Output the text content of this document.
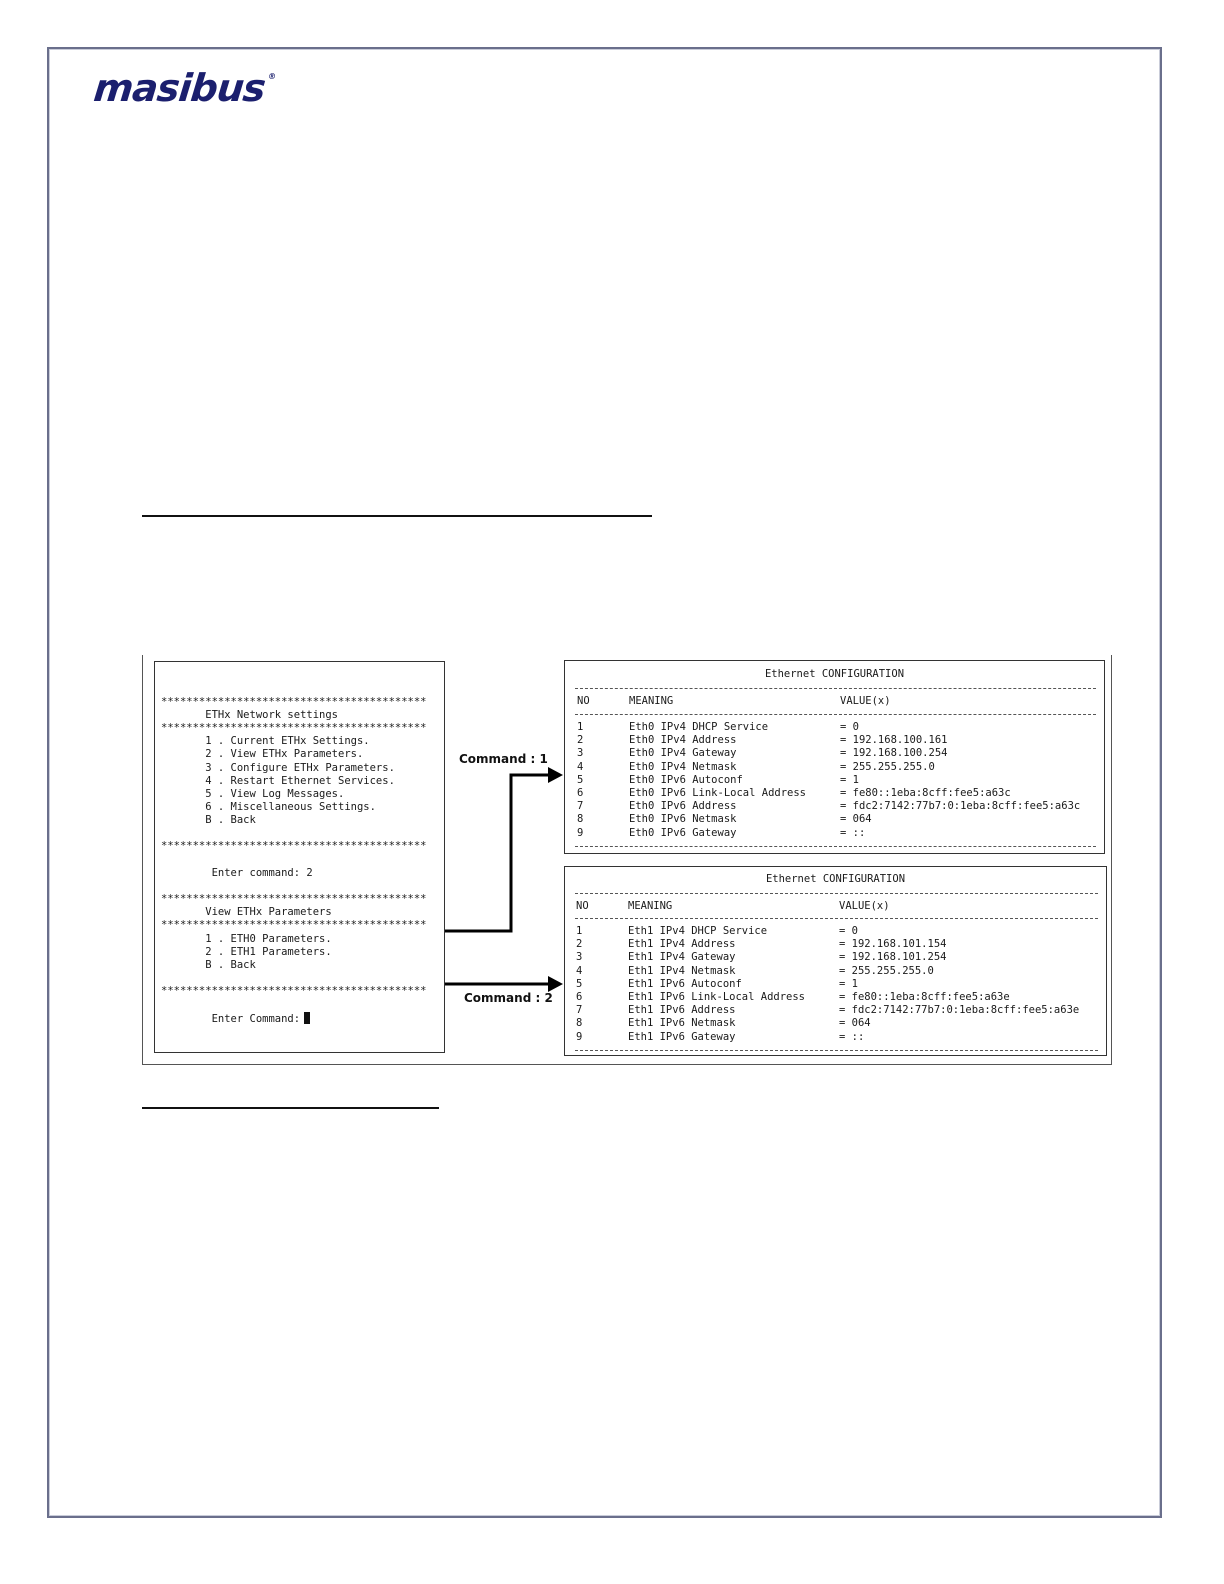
masibus®
******************************************
ETHx Network settings
******************************************
1 . Current ETHx Settings.
2 . View ETHx Parameters.
3 . Configure ETHx Parameters.
4 . Restart Ethernet Services.
5 . View Log Messages.
6 . Miscellaneous Settings.
B . Back
******************************************
Enter command: 2
******************************************
View ETHx Parameters
******************************************
1 . ETH0 Parameters.
2 . ETH1 Parameters.
B . Back
******************************************
Enter Command:
Ethernet CONFIGURATION
NO	MEANING	VALUE(x)
1	Eth0 IPv4 DHCP Service	= 0
2	Eth0 IPv4 Address	= 192.168.100.161
3	Eth0 IPv4 Gateway	= 192.168.100.254
4	Eth0 IPv4 Netmask	= 255.255.255.0
5	Eth0 IPv6 Autoconf	= 1
6	Eth0 IPv6 Link-Local Address	= fe80::1eba:8cff:fee5:a63c
7	Eth0 IPv6 Address	= fdc2:7142:77b7:0:1eba:8cff:fee5:a63c
8	Eth0 IPv6 Netmask	= 064
9	Eth0 IPv6 Gateway	= ::
Ethernet CONFIGURATION
NO	MEANING	VALUE(x)
1	Eth1 IPv4 DHCP Service	= 0
2	Eth1 IPv4 Address	= 192.168.101.154
3	Eth1 IPv4 Gateway	= 192.168.101.254
4	Eth1 IPv4 Netmask	= 255.255.255.0
5	Eth1 IPv6 Autoconf	= 1
6	Eth1 IPv6 Link-Local Address	= fe80::1eba:8cff:fee5:a63e
7	Eth1 IPv6 Address	= fdc2:7142:77b7:0:1eba:8cff:fee5:a63e
8	Eth1 IPv6 Netmask	= 064
9	Eth1 IPv6 Gateway	= ::
Command : 1
Command : 2
